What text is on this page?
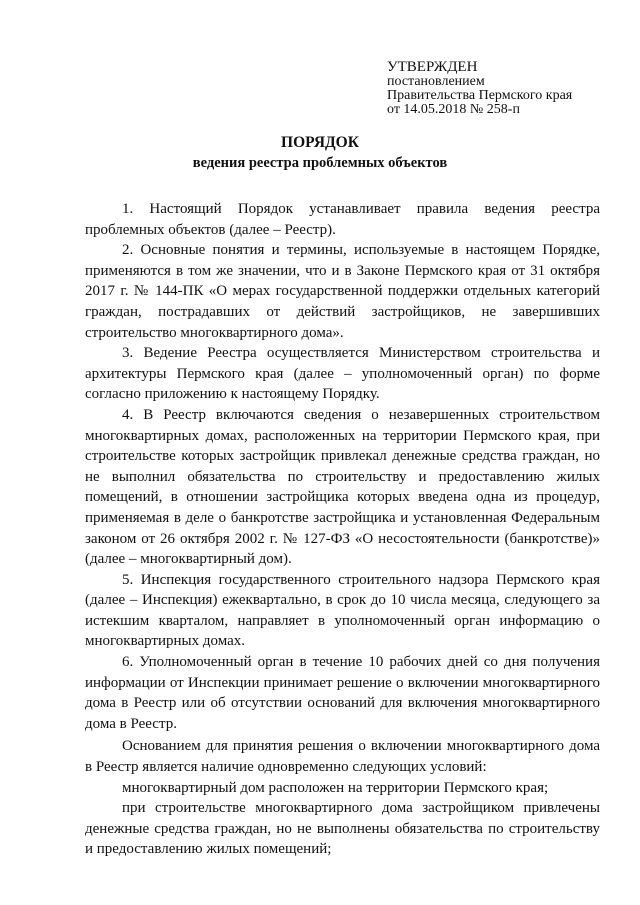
УТВЕРЖДЕН
постановлением
Правительства Пермского края
от 14.05.2018 № 258-п
ПОРЯДОК
ведения реестра проблемных объектов

1. Настоящий Порядок устанавливает правила ведения реестра проблемных объектов (далее – Реестр).

2. Основные понятия и термины, используемые в настоящем Порядке, применяются в том же значении, что и в Законе Пермского края от 31 октября 2017 г. № 144-ПК «О мерах государственной поддержки отдельных категорий граждан, пострадавших от действий застройщиков, не завершивших строительство многоквартирного дома».

3. Ведение Реестра осуществляется Министерством строительства и архитектуры Пермского края (далее – уполномоченный орган) по форме согласно приложению к настоящему Порядку.

4. В Реестр включаются сведения о незавершенных строительством многоквартирных домах, расположенных на территории Пермского края, при строительстве которых застройщик привлекал денежные средства граждан, но не выполнил обязательства по строительству и предоставлению жилых помещений, в отношении застройщика которых введена одна из процедур, применяемая в деле о банкротстве застройщика и установленная Федеральным законом от 26 октября 2002 г. № 127-ФЗ «О несостоятельности (банкротстве)» (далее – многоквартирный дом).

5. Инспекция государственного строительного надзора Пермского края (далее – Инспекция) ежеквартально, в срок до 10 числа месяца, следующего за истекшим кварталом, направляет в уполномоченный орган информацию о многоквартирных домах.

6. Уполномоченный орган в течение 10 рабочих дней со дня получения информации от Инспекции принимает решение о включении многоквартирного дома в Реестр или об отсутствии оснований для включения многоквартирного дома в Реестр.

Основанием для принятия решения о включении многоквартирного дома в Реестр является наличие одновременно следующих условий:

многоквартирный дом расположен на территории Пермского края;

при строительстве многоквартирного дома застройщиком привлечены денежные средства граждан, но не выполнены обязательства по строительству и предоставлению жилых помещений;
